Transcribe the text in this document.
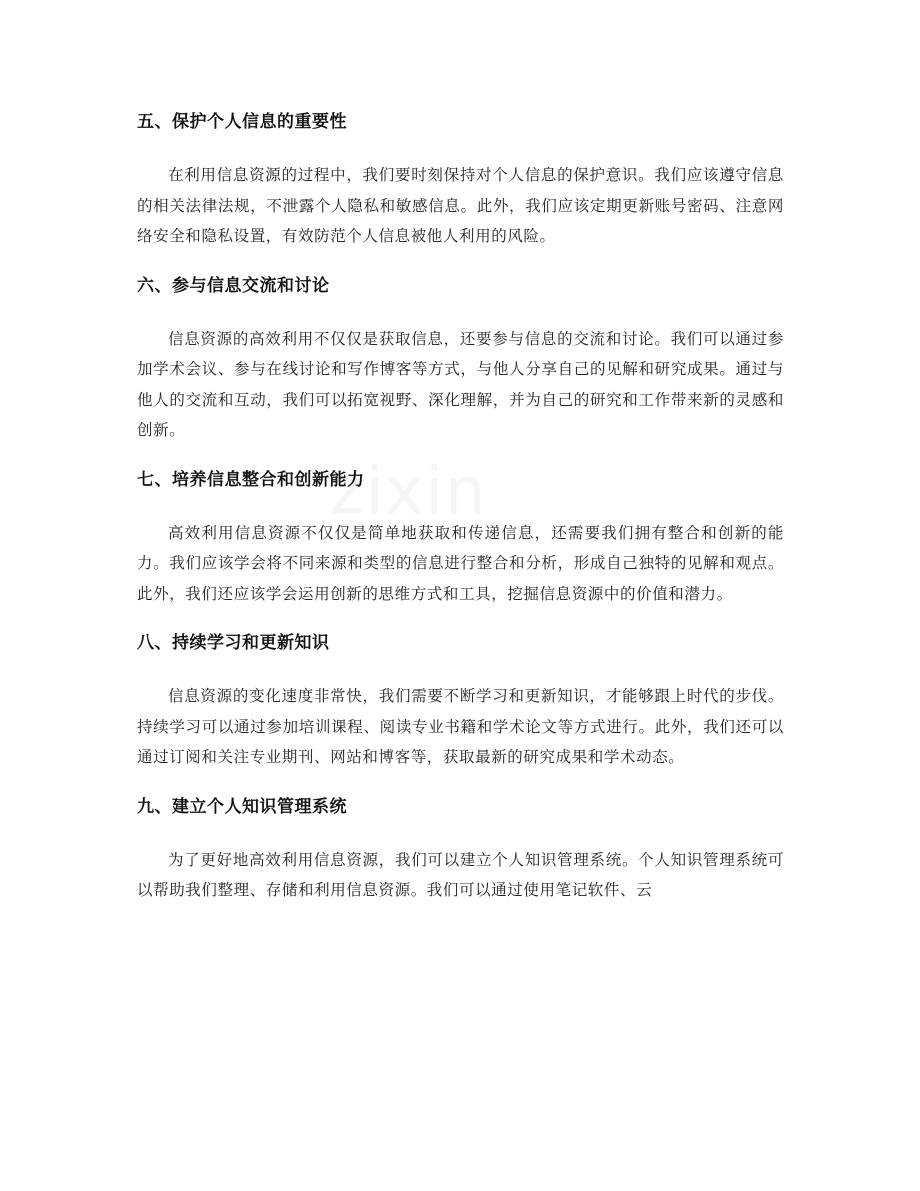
zixin
五、保护个人信息的重要性

在利用信息资源的过程中，我们要时刻保持对个人信息的保护意识。我们应该遵守信息的相关法律法规，不泄露个人隐私和敏感信息。此外，我们应该定期更新账号密码、注意网络安全和隐私设置，有效防范个人信息被他人利用的风险。

六、参与信息交流和讨论

信息资源的高效利用不仅仅是获取信息，还要参与信息的交流和讨论。我们可以通过参加学术会议、参与在线讨论和写作博客等方式，与他人分享自己的见解和研究成果。通过与他人的交流和互动，我们可以拓宽视野、深化理解，并为自己的研究和工作带来新的灵感和创新。

七、培养信息整合和创新能力

高效利用信息资源不仅仅是简单地获取和传递信息，还需要我们拥有整合和创新的能力。我们应该学会将不同来源和类型的信息进行整合和分析，形成自己独特的见解和观点。此外，我们还应该学会运用创新的思维方式和工具，挖掘信息资源中的价值和潜力。

八、持续学习和更新知识

信息资源的变化速度非常快，我们需要不断学习和更新知识，才能够跟上时代的步伐。持续学习可以通过参加培训课程、阅读专业书籍和学术论文等方式进行。此外，我们还可以通过订阅和关注专业期刊、网站和博客等，获取最新的研究成果和学术动态。

九、建立个人知识管理系统

为了更好地高效利用信息资源，我们可以建立个人知识管理系统。个人知识管理系统可以帮助我们整理、存储和利用信息资源。我们可以通过使用笔记软件、云
